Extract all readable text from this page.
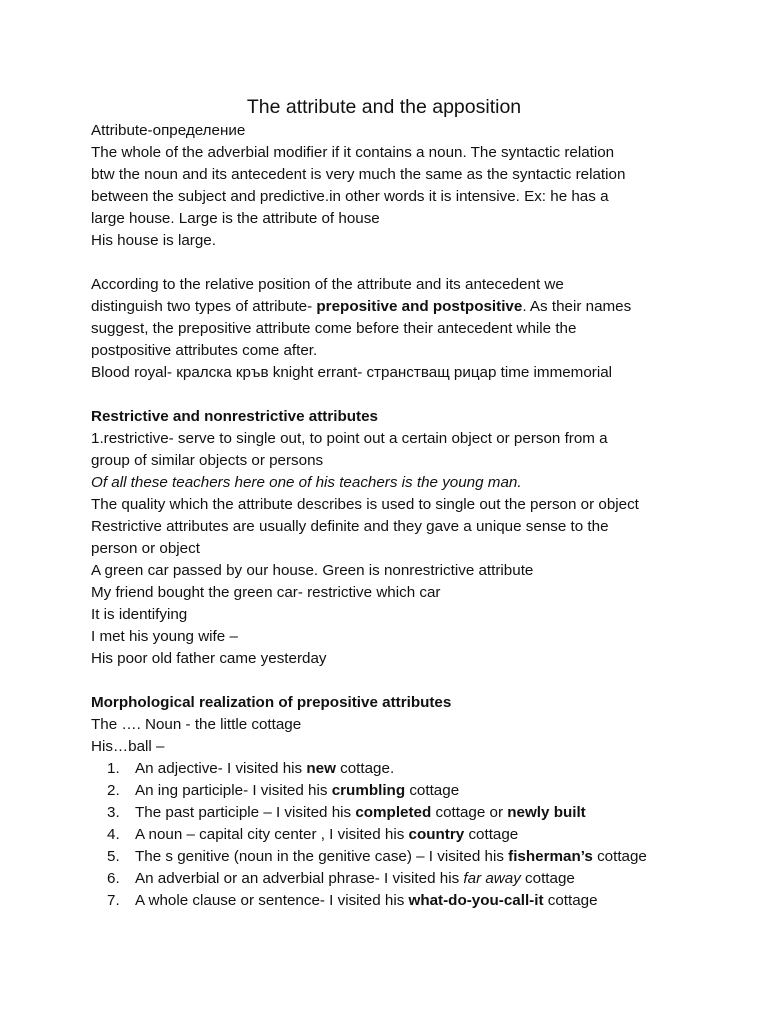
The attribute and the apposition
Attribute-определение
The whole of the adverbial modifier if it contains a noun. The syntactic relation
btw the noun and its antecedent is very much the same as the syntactic relation
between the subject and predictive.in other words it is intensive. Ex: he has a
large house. Large is the attribute of house
His house is large.
According to the relative position of the attribute and its antecedent we
distinguish two types of attribute- prepositive and postpositive. As their names
suggest, the prepositive attribute come before their antecedent while the
postpositive attributes come after.
Blood royal- кралска кръв knight errant- странстващ рицар time immemorial
Restrictive and nonrestrictive attributes
1.restrictive- serve to single out, to point out a certain object or person from a
group of similar objects or persons
Of all these teachers here one of his teachers is the young man.
The quality which the attribute describes is used to single out the person or object
Restrictive attributes are usually definite and they gave a unique sense to the
person or object
A green car passed by our house. Green is nonrestrictive attribute
My friend bought the green car- restrictive which car
It is identifying
I met his young wife –
His poor old father came yesterday
Morphological realization of prepositive attributes
The …. Noun - the little cottage
His…ball –
1. An adjective- I visited his new cottage.
2. An ing participle- I visited his crumbling cottage
3. The past participle – I visited his completed cottage or newly built
4. A noun – capital city center , I visited his country cottage
5. The s genitive (noun in the genitive case) – I visited his fisherman’s cottage
6. An adverbial or an adverbial phrase- I visited his far away cottage
7. A whole clause or sentence- I visited his what-do-you-call-it cottage
